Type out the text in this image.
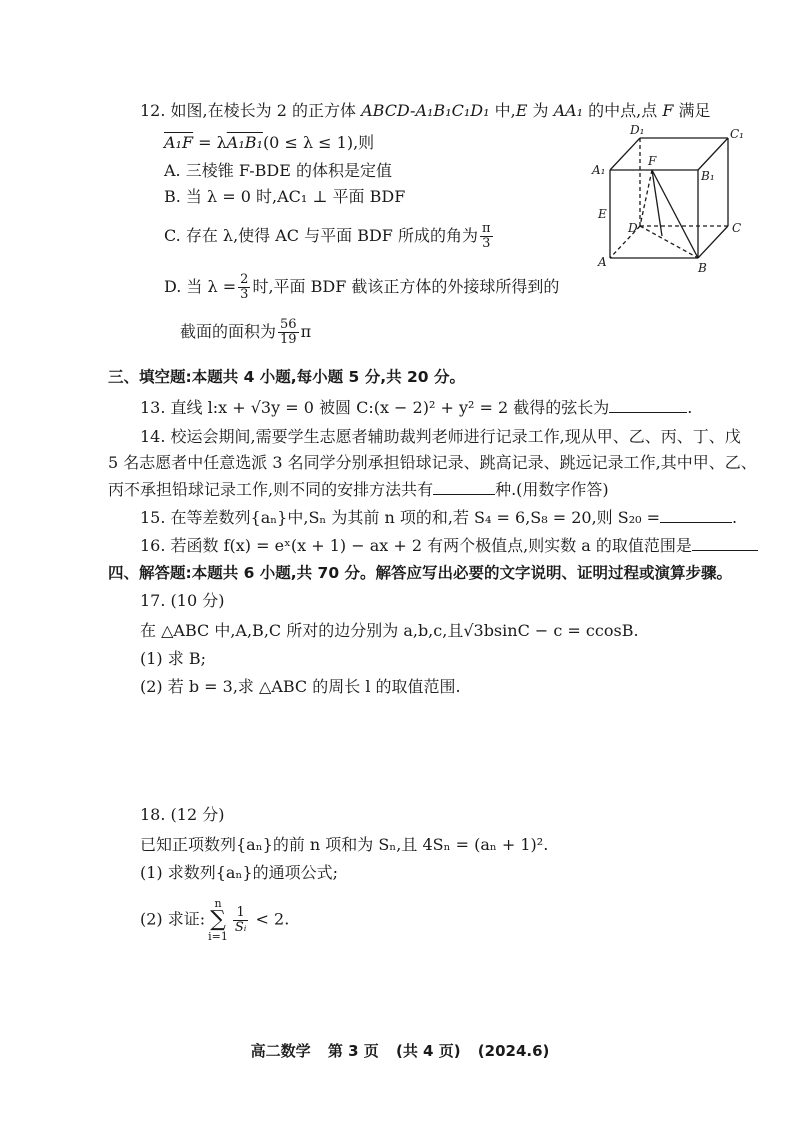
12. 如图,在棱长为 2 的正方体 ABCD-A₁B₁C₁D₁ 中,E 为 AA₁ 的中点,点 F 满足
A₁F = λA₁B₁(0 ≤ λ ≤ 1),则
A. 三棱锥 F-BDE 的体积是定值
B. 当 λ = 0 时,AC₁ ⊥ 平面 BDF
C. 存在 λ,使得 AC 与平面 BDF 所成的角为 $\frac{\pi}{3}$
D. 当 $\lambda = \frac{2}{3}$ 时,平面 BDF 截该正方体的外接球所得到的
截面的面积为 $\frac{56}{19}$ π
D₁	C₁
A₁	B₁
F
E
D	C
A	B
三、填空题:本题共 4 小题,每小题 5 分,共 20 分。
13. 直线 l:x + √3y = 0 被圆 C:(x − 2)² + y² = 2 截得的弦长为	.
14. 校运会期间,需要学生志愿者辅助裁判老师进行记录工作,现从甲、乙、丙、丁、戊
5 名志愿者中任意选派 3 名同学分别承担铅球记录、跳高记录、跳远记录工作,其中甲、乙、
丙不承担铅球记录工作,则不同的安排方法共有	种.(用数字作答)
15. 在等差数列{aₙ}中,Sₙ 为其前 n 项的和,若 S₄ = 6,S₈ = 20,则 S₂₀ =	.
16. 若函数 f(x) = eˣ(x + 1) − ax + 2 有两个极值点,则实数 a 的取值范围是
四、解答题:本题共 6 小题,共 70 分。解答应写出必要的文字说明、证明过程或演算步骤。
17. (10 分)
在 △ABC 中,A,B,C 所对的边分别为 a,b,c,且√3bsinC − c = ccosB.
(1) 求 B;
(2) 若 b = 3,求 △ABC 的周长 l 的取值范围.
18. (12 分)
已知正项数列{aₙ}的前 n 项和为 Sₙ,且 4Sₙ = (aₙ + 1)².
(1) 求数列{aₙ}的通项公式;
(2) 求证:n
∑
i=1
$\frac{1}{\text{Sᵢ}} < 2$.
高二数学 第 3 页 (共 4 页) (2024.6)
